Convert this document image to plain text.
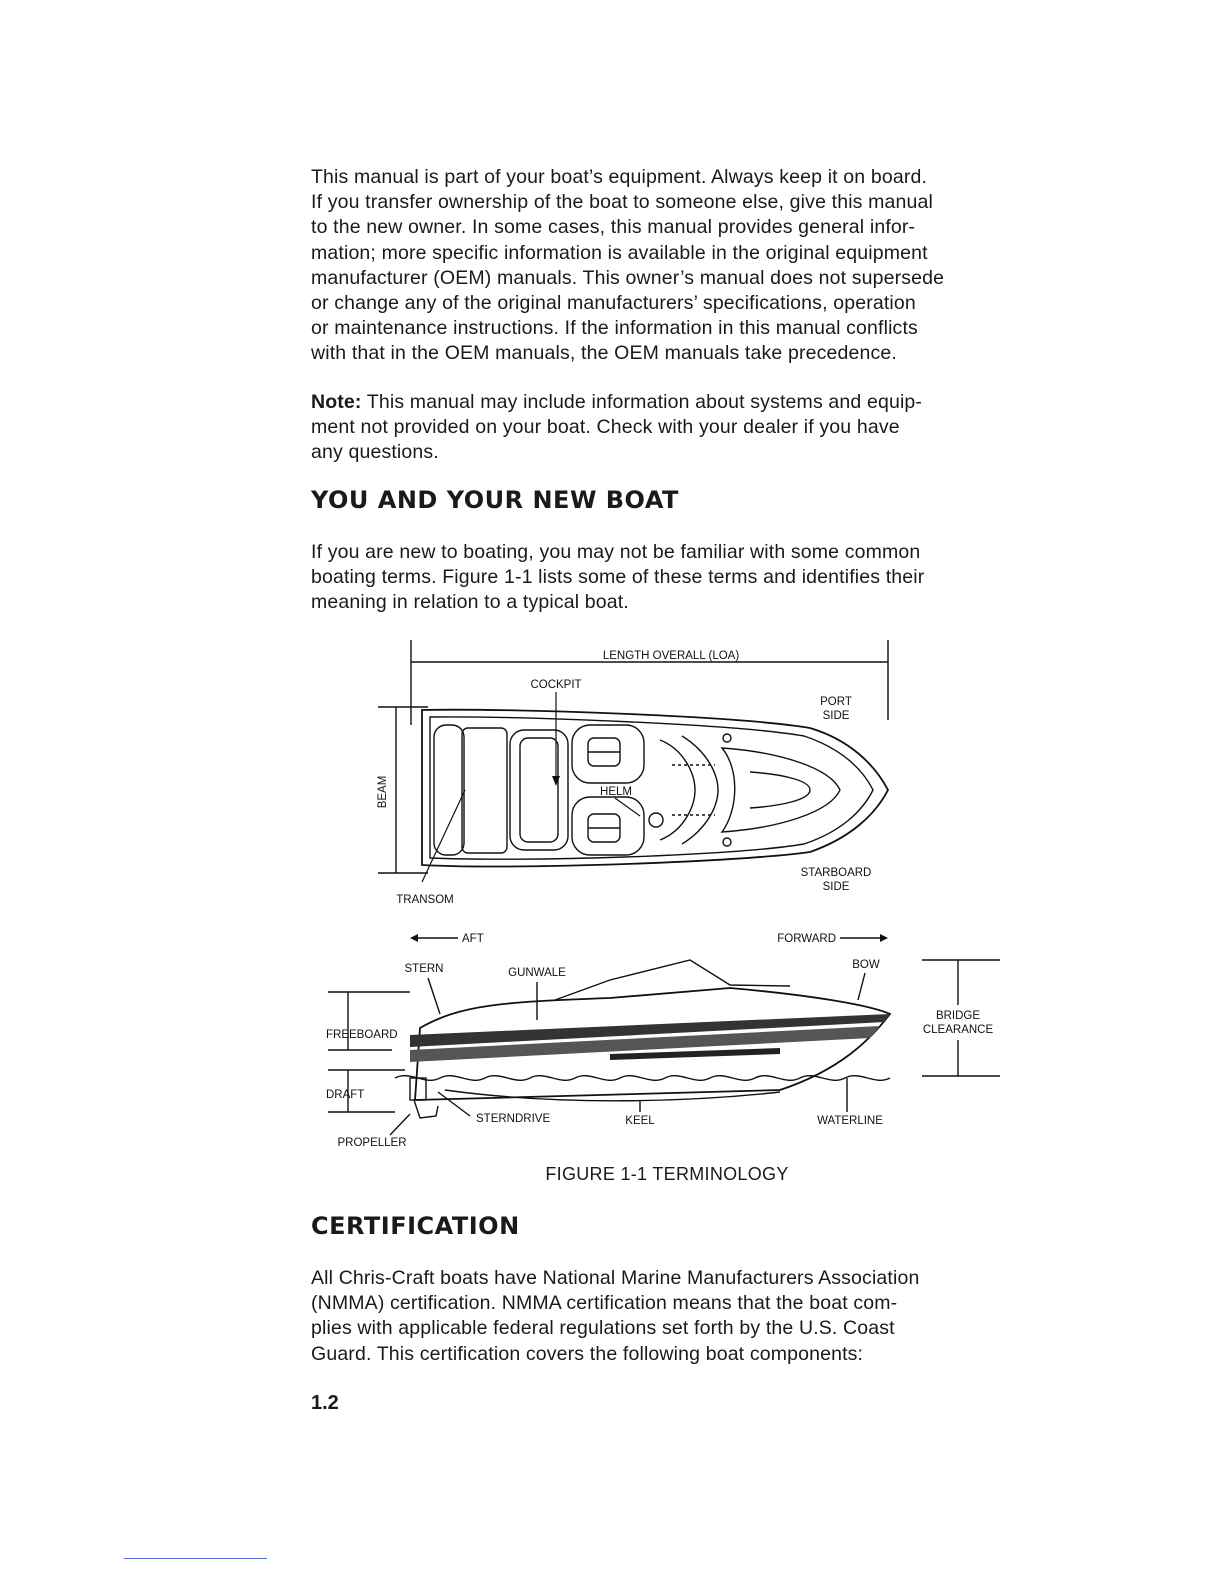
This manual is part of your boat’s equipment. Always keep it on board.
If you transfer ownership of the boat to someone else, give this manual
to the new owner. In some cases, this manual provides general infor-
mation; more specific information is available in the original equipment
manufacturer (OEM) manuals. This owner’s manual does not supersede
or change any of the original manufacturers’ specifications, operation
or maintenance instructions. If the information in this manual conflicts
with that in the OEM manuals, the OEM manuals take precedence.

Note: This manual may include information about systems and equip-
ment not provided on your boat. Check with your dealer if you have
any questions.

YOU AND YOUR NEW BOAT

If you are new to boating, you may not be familiar with some common
boating terms. Figure 1-1 lists some of these terms and identifies their
meaning in relation to a typical boat.

LENGTH OVERALL (LOA)
COCKPIT
PORT
SIDE
BEAM	HELM
STARBOARD
SIDE
TRANSOM
AFT	FORWARD
STERN	GUNWALE
BOW
BRIDGE
CLEARANCE
FREEBOARD
DRAFT
STERNDRIVE	KEEL	WATERLINE
PROPELLER
FIGURE 1-1 TERMINOLOGY
CERTIFICATION

All Chris-Craft boats have National Marine Manufacturers Association
(NMMA) certification. NMMA certification means that the boat com-
plies with applicable federal regulations set forth by the U.S. Coast
Guard. This certification covers the following boat components:

1.2
